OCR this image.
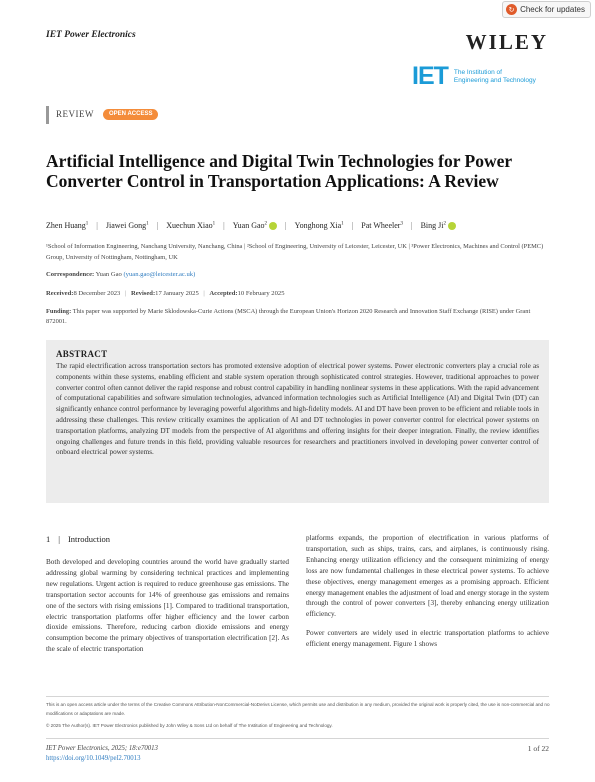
↻ Check for updates
IET Power Electronics	WILEY
IET The Institution of
Engineering and Technology
REVIEW	OPEN ACCESS
Artificial Intelligence and Digital Twin Technologies for Power Converter Control in Transportation Applications: A Review
Zhen Huang$^1$ | Jiawei Gong$^1$ | Xuechun Xiao$^1$ | Yuan Gao$^2$	| Yonghong Xia$^1$ | Pat Wheeler$^3$ | Bing Ji$^2$
¹School of Information Engineering, Nanchang University, Nanchang, China | ²School of Engineering, University of Leicester, Leicester, UK | ³Power Electronics, Machines and Control (PEMC) Group, University of Nottingham, Nottingham, UK
Correspondence: Yuan Gao (yuan.gao@leicester.ac.uk)
Received:8 December 2023 | Revised:17 January 2025 | Accepted:10 February 2025
Funding: This paper was supported by Marie Sklodowska-Curie Actions (MSCA) through the European Union's Horizon 2020 Research and Innovation Staff Exchange (RISE) under Grant 872001.
ABSTRACT
The rapid electrification across transportation sectors has promoted extensive adoption of electrical power systems. Power electronic converters play a crucial role as components within these systems, enabling efficient and stable system operation through sophisticated control strategies. However, traditional approaches to power converter control often cannot deliver the rapid response and robust control capability in handling nonlinear systems in these applications. With the rapid advancement of computational capabilities and software simulation technologies, advanced information technologies such as Artificial Intelligence (AI) and Digital Twin (DT) can significantly enhance control performance by leveraging powerful algorithms and high-fidelity models. AI and DT have been proven to be efficient and reliable tools in addressing these challenges. This review critically examines the application of AI and DT technologies in power converter control for electrical power systems on transportation platforms, analyzing DT models from the perspective of AI algorithms and offering insights for their deeper integration. Finally, the review identifies ongoing challenges and future trends in this field, providing valuable resources for researchers and practitioners involved in developing power converter control of onboard electrical power systems.
1 | Introduction

Both developed and developing countries around the world have gradually started addressing global warming by considering technical practices and implementing new regulations. Urgent action is required to reduce greenhouse gas emissions. The transportation sector accounts for 14% of greenhouse gas emissions and remains one of the sectors with rising emissions [1]. Compared to traditional transportation, electric transportation platforms offer higher efficiency and the lower carbon dioxide emissions. Therefore, reducing carbon dioxide emissions and energy consumption become the primary objectives of transportation electrification [2]. As the scale of electric transportation

platforms expands, the proportion of electrification in various platforms of transportation, such as ships, trains, cars, and airplanes, is continuously rising. Enhancing energy utilization efficiency and the consequent minimizing of energy loss are now fundamental challenges in these electrical power systems. To achieve these objectives, energy management emerges as a promising approach. Efficient energy management enables the adjustment of load and energy storage in the system through the control of power converters [3], thereby enhancing energy utilization efficiency.

Power converters are widely used in electric transportation platforms to achieve efficient energy management. Figure 1 shows

This is an open access article under the terms of the Creative Commons Attribution-NonCommercial-NoDerivs License, which permits use and distribution in any medium, provided the original work is properly cited, the use is non-commercial and no modifications or adaptations are made.
© 2025 The Author(s). IET Power Electronics published by John Wiley & Sons Ltd on behalf of The Institution of Engineering and Technology.
IET Power Electronics, 2025; 18:e70013
https://doi.org/10.1049/pel2.70013
1 of 22
